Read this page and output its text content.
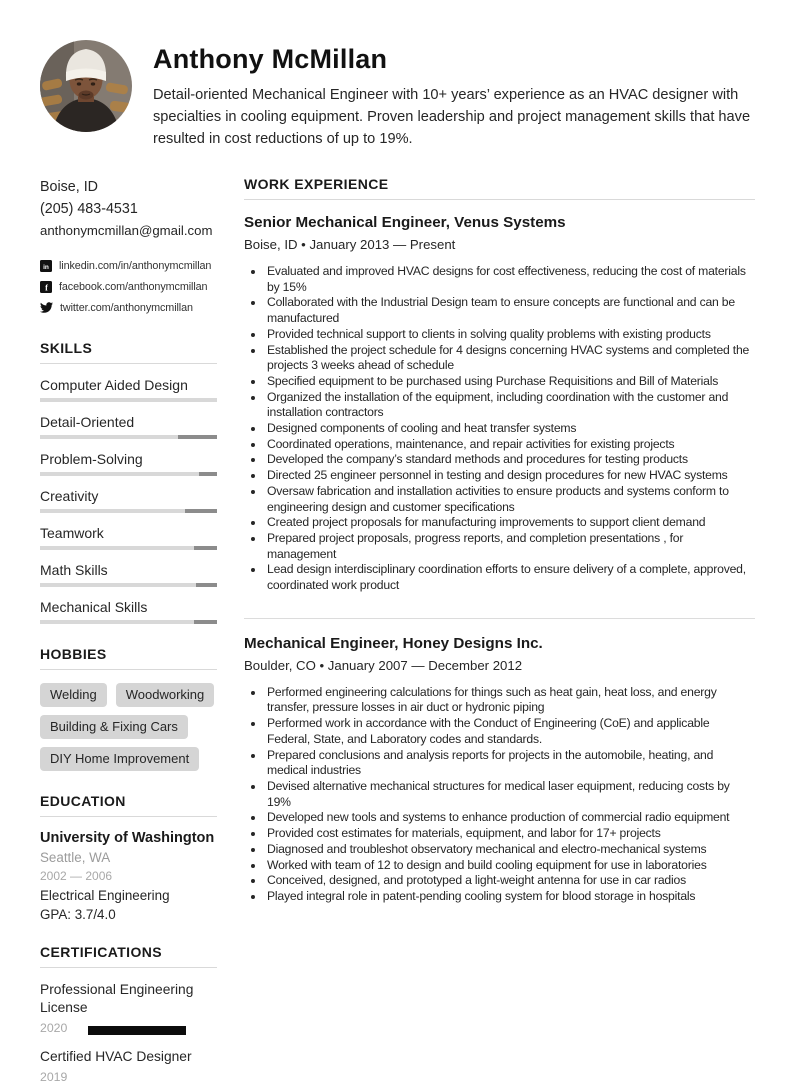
Anthony McMillan

Detail-oriented Mechanical Engineer with 10+ years’ experience as an HVAC designer with specialties in cooling equipment. Proven leadership and project management skills that have resulted in cost reductions of up to 19%.

Boise, ID
(205) 483-4531
anthonymcmillan@gmail.com
in linkedin.com/in/anthonymcmillan
f facebook.com/anthonymcmillan
twitter.com/anthonymcmillan
SKILLS
Computer Aided Design
Detail-Oriented
Problem-Solving
Creativity
Teamwork
Math Skills
Mechanical Skills
HOBBIES
Welding	Woodworking
Building & Fixing Cars
DIY Home Improvement
EDUCATION
University of Washington
Seattle, WA
2002 — 2006
Electrical Engineering
GPA: 3.7/4.0
CERTIFICATIONS
Professional Engineering License
2020
Certified HVAC Designer
2019
WORK EXPERIENCE
Senior Mechanical Engineer, Venus Systems
Boise, ID • January 2013 — Present
• Evaluated and improved HVAC designs for cost effectiveness, reducing the cost of materials by 15%
• Collaborated with the Industrial Design team to ensure concepts are functional and can be manufactured
• Provided technical support to clients in solving quality problems with existing products
• Established the project schedule for 4 designs concerning HVAC systems and completed the projects 3 weeks ahead of schedule
• Specified equipment to be purchased using Purchase Requisitions and Bill of Materials
• Organized the installation of the equipment, including coordination with the customer and installation contractors
• Designed components of cooling and heat transfer systems
• Coordinated operations, maintenance, and repair activities for existing projects
• Developed the company’s standard methods and procedures for testing products
• Directed 25 engineer personnel in testing and design procedures for new HVAC systems
• Oversaw fabrication and installation activities to ensure products and systems conform to engineering design and customer specifications
• Created project proposals for manufacturing improvements to support client demand
• Prepared project proposals, progress reports, and completion presentations , for management
• Lead design interdisciplinary coordination efforts to ensure delivery of a complete, approved, coordinated work product
Mechanical Engineer, Honey Designs Inc.
Boulder, CO • January 2007 — December 2012
• Performed engineering calculations for things such as heat gain, heat loss, and energy transfer, pressure losses in air duct or hydronic piping
• Performed work in accordance with the Conduct of Engineering (CoE) and applicable Federal, State, and Laboratory codes and standards.
• Prepared conclusions and analysis reports for projects in the automobile, heating, and medical industries
• Devised alternative mechanical structures for medical laser equipment, reducing costs by 19%
• Developed new tools and systems to enhance production of commercial radio equipment
• Provided cost estimates for materials, equipment, and labor for 17+ projects
• Diagnosed and troubleshot observatory mechanical and electro-mechanical systems
• Worked with team of 12 to design and build cooling equipment for use in laboratories
• Conceived, designed, and prototyped a light-weight antenna for use in car radios
• Played integral role in patent-pending cooling system for blood storage in hospitals
